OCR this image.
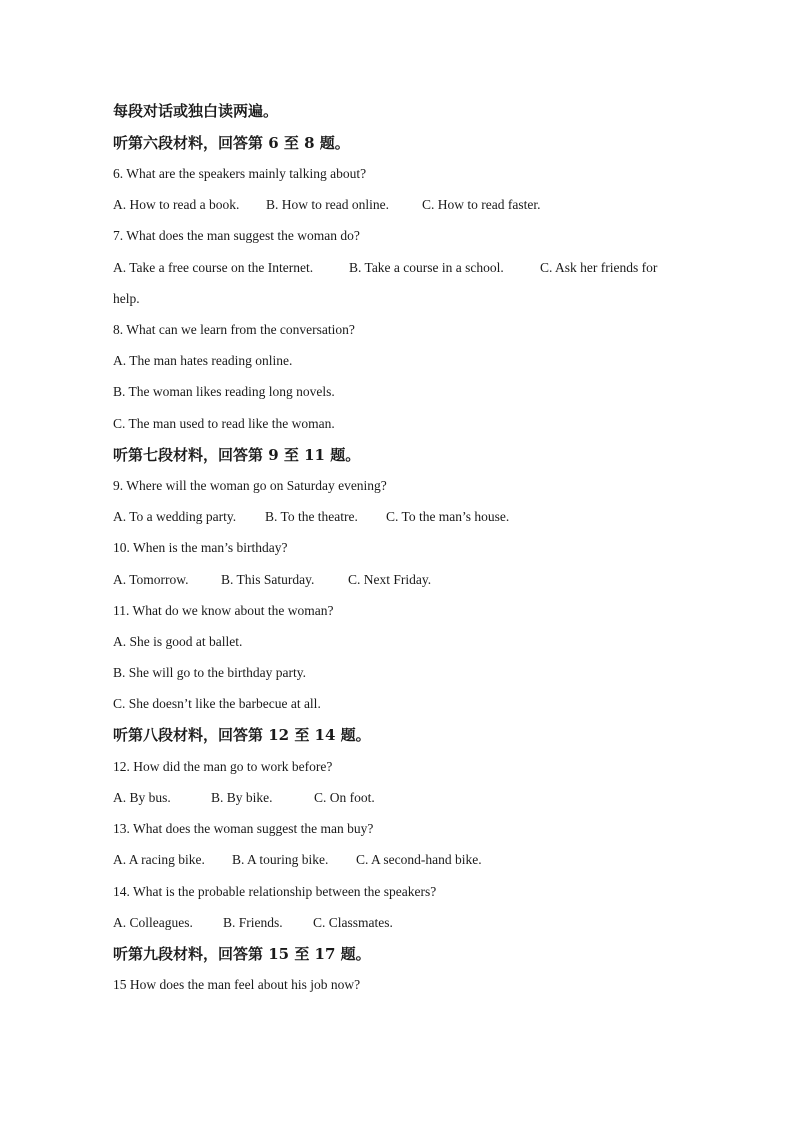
每段对话或独白读两遍。
听第六段材料，回答第 6 至 8 题。
6. What are the speakers mainly talking about?

A. How to read a book.

B. How to read online.

C. How to read faster.

7. What does the man suggest the woman do?

A. Take a free course on the Internet.

	B. Take a course in a school.

	C. Ask her friends for

help.
8. What can we learn from the conversation?
A. The man hates reading online.
B. The woman likes reading long novels.
C. The man used to read like the woman.
听第七段材料，回答第 9 至 11 题。
9. Where will the woman go on Saturday evening?

A. To a wedding party.

B. To the theatre.

C. To the man’s house.

10. When is the man’s birthday?

A. Tomorrow.

B. This Saturday.

C. Next Friday.

11. What do we know about the woman?
A. She is good at ballet.
B. She will go to the birthday party.
C. She doesn’t like the barbecue at all.
听第八段材料，回答第 12 至 14 题。
12. How did the man go to work before?

A. By bus.

	B. By bike.

	C. On foot.

13. What does the woman suggest the man buy?

A. A racing bike.

B. A touring bike.

C. A second-hand bike.

14. What is the probable relationship between the speakers?

A. Colleagues.

B. Friends.

C. Classmates.

听第九段材料，回答第 15 至 17 题。
15 How does the man feel about his job now?
